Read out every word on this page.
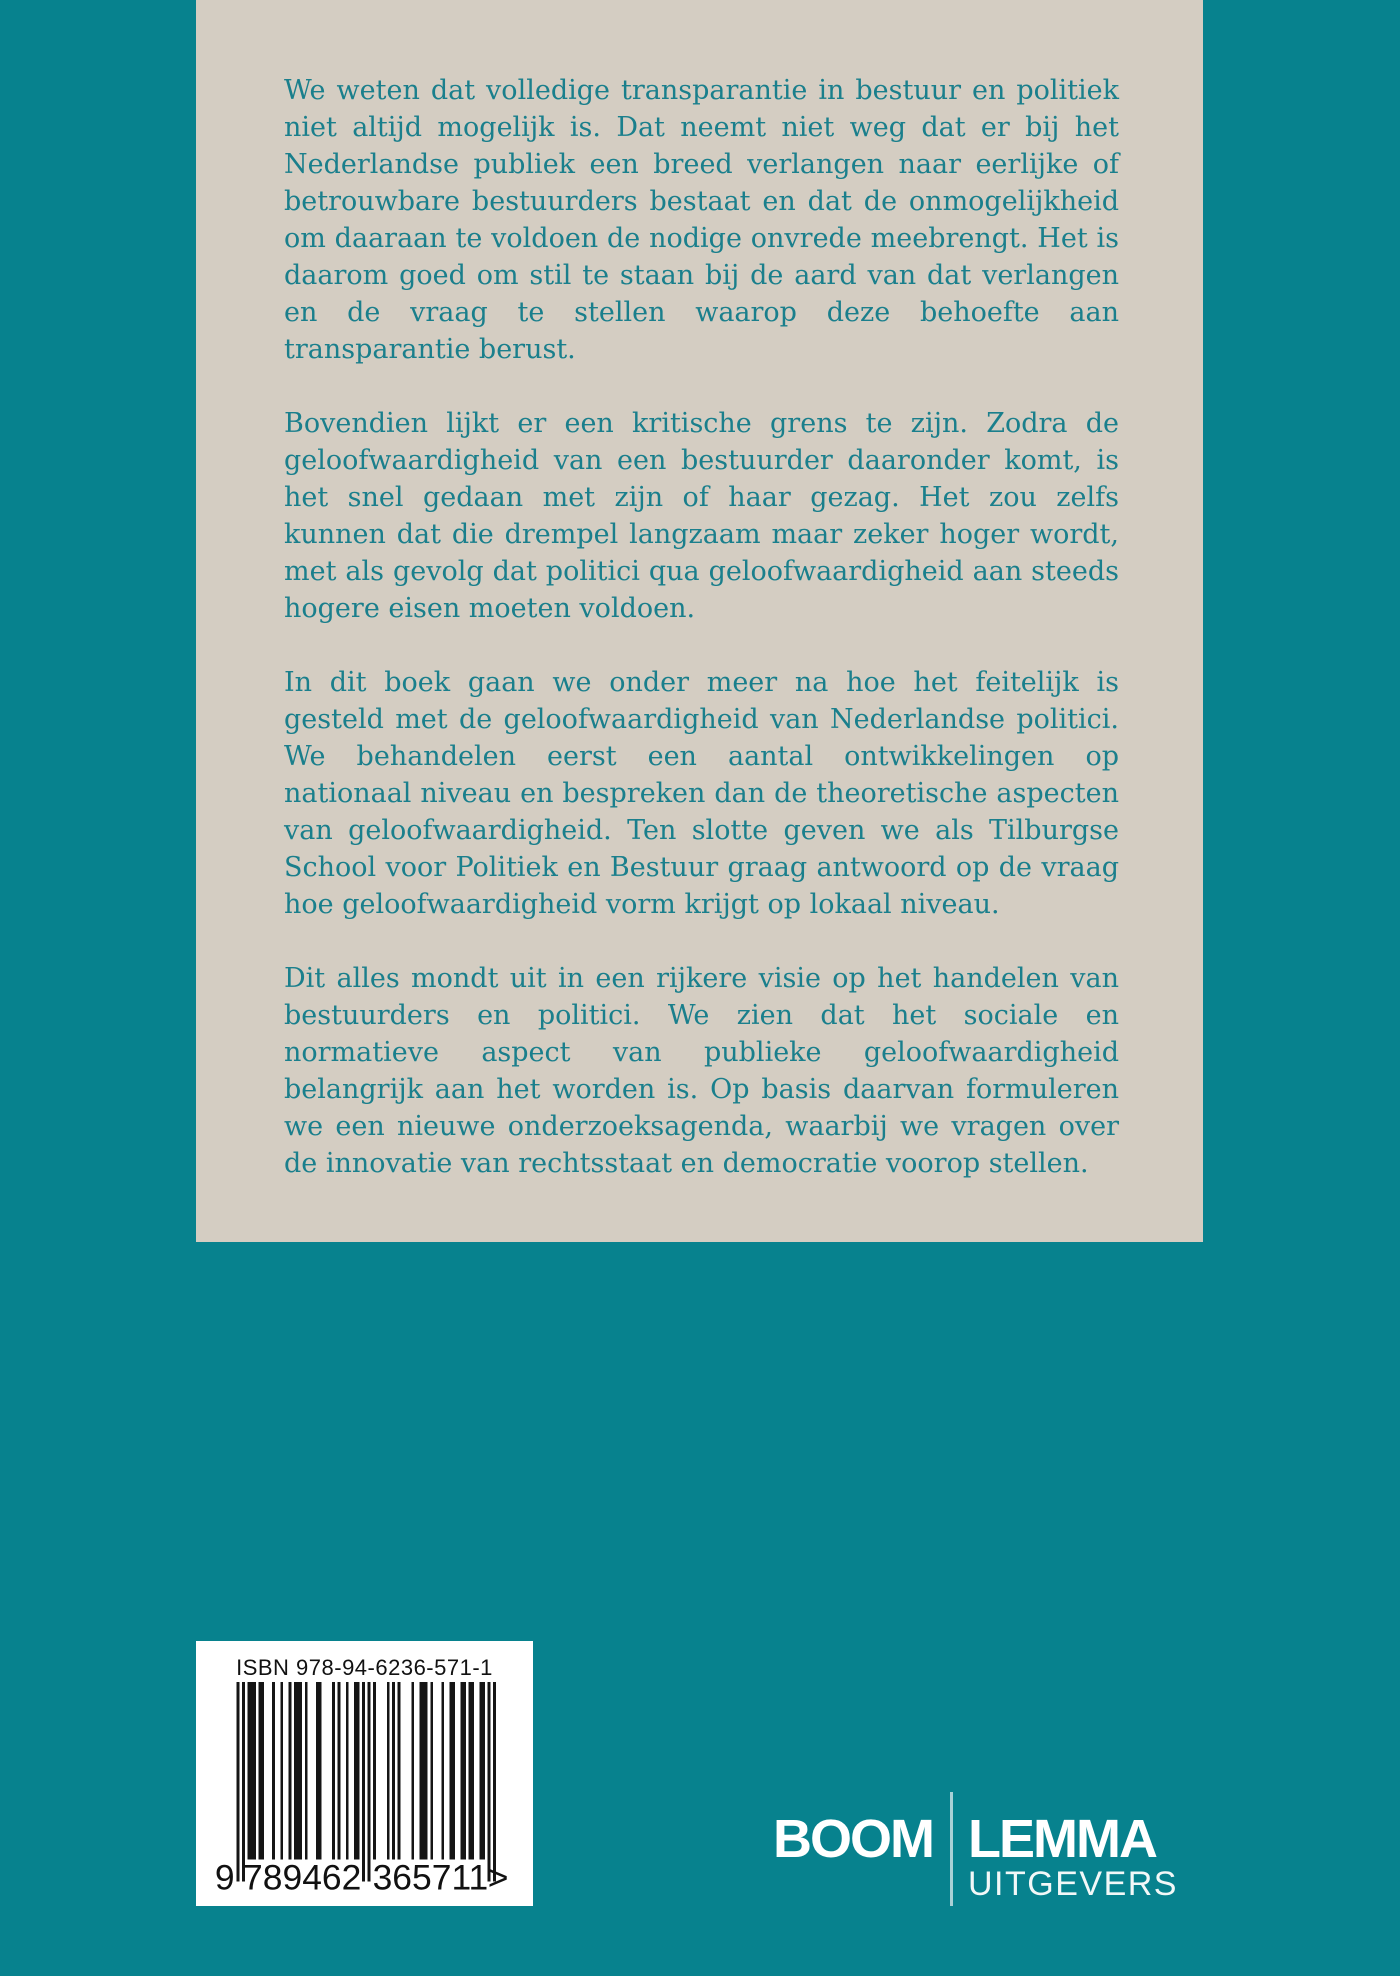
We weten dat volledige transparantie in bestuur en politiek niet altijd mogelijk is. Dat neemt niet weg dat er bij het Nederlandse publiek een breed verlangen naar eerlijke of betrouwbare bestuurders bestaat en dat de onmogelijkheid om daaraan te voldoen de nodige onvrede meebrengt. Het is daarom goed om stil te staan bij de aard van dat verlangen en de vraag te stellen waarop deze behoefte aan transparantie berust.

Bovendien lijkt er een kritische grens te zijn. Zodra de geloofwaardigheid van een bestuurder daaronder komt, is het snel gedaan met zijn of haar gezag. Het zou zelfs kunnen dat die drempel langzaam maar zeker hoger wordt, met als gevolg dat politici qua geloofwaardigheid aan steeds hogere eisen moeten voldoen.

In dit boek gaan we onder meer na hoe het feitelijk is gesteld met de geloofwaardigheid van Nederlandse politici. We behandelen eerst een aantal ontwikkelingen op nationaal niveau en bespreken dan de theoretische aspecten van geloofwaardigheid. Ten slotte geven we als Tilburgse School voor Politiek en Bestuur graag antwoord op de vraag hoe geloofwaardigheid vorm krijgt op lokaal niveau.

Dit alles mondt uit in een rijkere visie op het handelen van bestuurders en politici. We zien dat het sociale en normatieve aspect van publieke geloofwaardigheid belangrijk aan het worden is. Op basis daarvan formuleren we een nieuwe onderzoeksagenda, waarbij we vragen over de innovatie van rechtsstaat en democratie voorop stellen.

ISBN 978-94-6236-571-1
9 789462 365711 >
BOOM LEMMA
UITGEVERS
